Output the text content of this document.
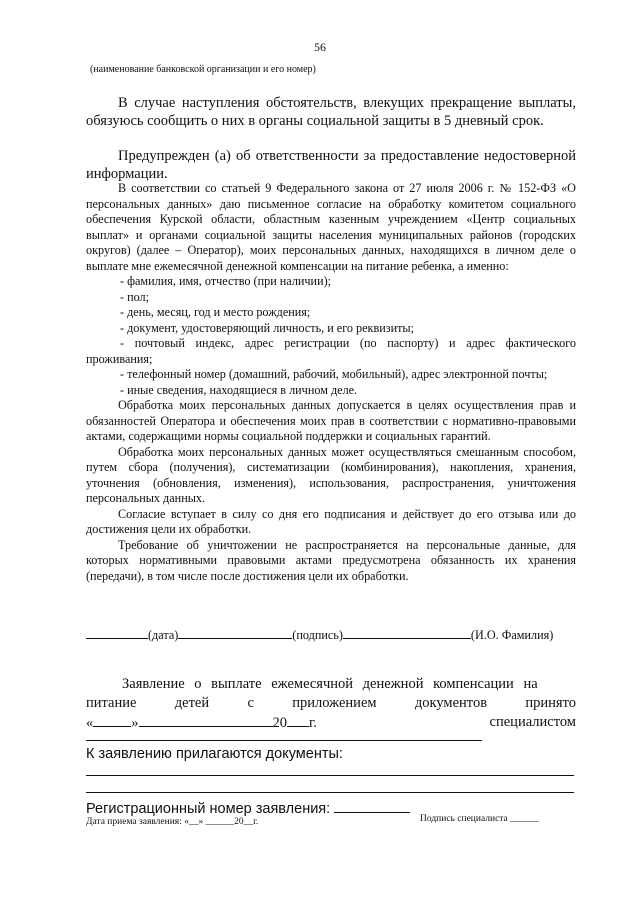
56
(наименование банковской организации и его номер)

В случае наступления обстоятельств, влекущих прекращение выплаты, обязуюсь сообщить о них в органы социальной защиты в 5 дневный срок.

Предупрежден (а) об ответственности за предоставление недостоверной информации.

В соответствии со статьей 9 Федерального закона от 27 июля 2006 г. № 152-ФЗ «О персональных данных» даю письменное согласие на обработку комитетом социального обеспечения Курской области, областным казенным учреждением «Центр социальных выплат» и органами социальной защиты населения муниципальных районов (городских округов) (далее – Оператор), моих персональных данных, находящихся в личном деле о выплате мне ежемесячной денежной компенсации на питание ребенка, а именно:

- фамилия, имя, отчество (при наличии);

- пол;

- день, месяц, год и место рождения;

- документ, удостоверяющий личность, и его реквизиты;

- почтовый индекс, адрес регистрации (по паспорту) и адрес фактического проживания;

- телефонный номер (домашний, рабочий, мобильный), адрес электронной почты;

- иные сведения, находящиеся в личном деле.

Обработка моих персональных данных допускается в целях осуществления прав и обязанностей Оператора и обеспечения моих прав в соответствии с нормативно-правовыми актами, содержащими нормы социальной поддержки и социальных гарантий.

Обработка моих персональных данных может осуществляться смешанным способом, путем сбора (получения), систематизации (комбинирования), накопления, хранения, уточнения (обновления, изменения), использования, распространения, уничтожения персональных данных.

Согласие вступает в силу со дня его подписания и действует до его отзыва или до достижения цели их обработки.

Требование об уничтожении не распространяется на персональные данные, для которых нормативными правовыми актами предусмотрена обязанность их хранения (передачи), в том числе после достижения цели их обработки.

(дата)	(подпись)	(И.О. Фамилия)
Заявление о выплате ежемесячной денежной компенсации на
питание	детей	с	приложением	документов	принято
«	»	20 г.	специалистом
К заявлению прилагаются документы:
Регистрационный номер заявления:
Дата приема заявления: «__» ______20__г.	Подпись специалиста ______
